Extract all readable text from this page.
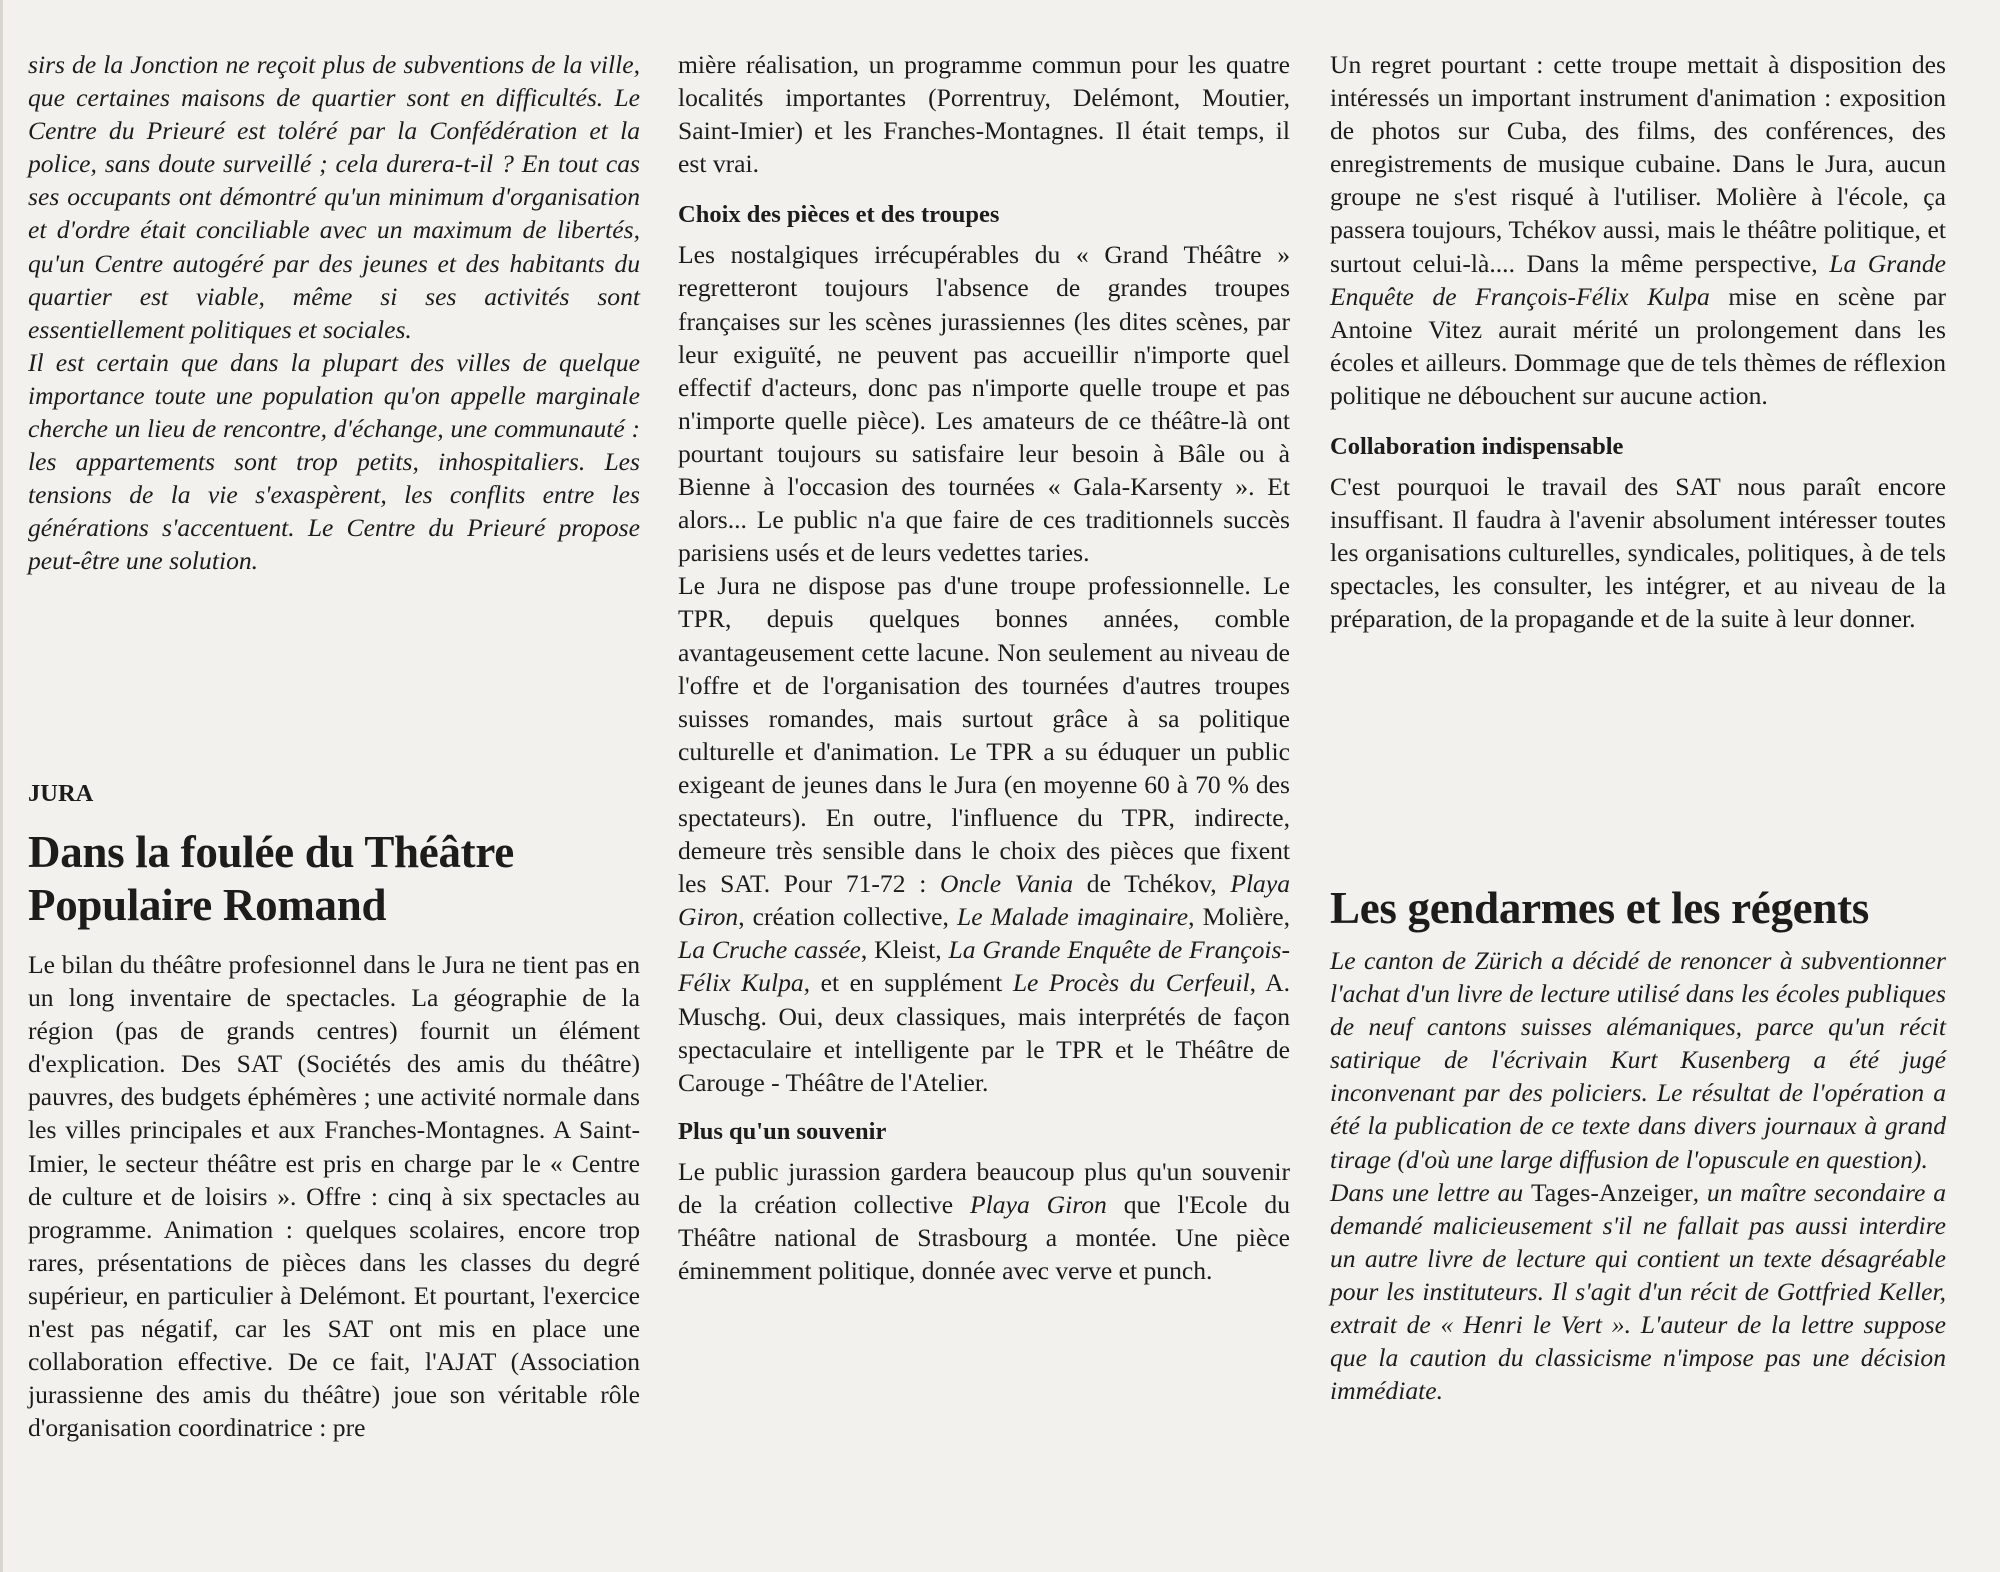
sirs de la Jonction ne reçoit plus de subventions de la ville, que certaines maisons de quartier sont en difficultés. Le Centre du Prieuré est toléré par la Confédération et la police, sans doute surveillé ; cela durera-t-il ? En tout cas ses occupants ont démontré qu'un minimum d'organisation et d'ordre était conciliable avec un maximum de libertés, qu'un Centre autogéré par des jeunes et des habitants du quartier est viable, même si ses activités sont essentiellement politiques et sociales.

Il est certain que dans la plupart des villes de quelque importance toute une population qu'on appelle marginale cherche un lieu de rencontre, d'échange, une communauté : les appartements sont trop petits, inhospitaliers. Les tensions de la vie s'exaspèrent, les conflits entre les générations s'accentuent. Le Centre du Prieuré propose peut-être une solution.

JURA
Dans la foulée du Théâtre Populaire Romand

Le bilan du théâtre profesionnel dans le Jura ne tient pas en un long inventaire de spectacles. La géographie de la région (pas de grands centres) fournit un élément d'explication. Des SAT (Sociétés des amis du théâtre) pauvres, des budgets éphémères ; une activité normale dans les villes principales et aux Franches-Montagnes. A Saint-Imier, le secteur théâtre est pris en charge par le « Centre de culture et de loisirs ». Offre : cinq à six spectacles au programme. Animation : quelques scolaires, encore trop rares, présentations de pièces dans les classes du degré supérieur, en particulier à Delémont. Et pourtant, l'exercice n'est pas négatif, car les SAT ont mis en place une collaboration effective. De ce fait, l'AJAT (Association jurassienne des amis du théâtre) joue son véritable rôle d'organisation coordinatrice : pre

mière réalisation, un programme commun pour les quatre localités importantes (Porrentruy, Delémont, Moutier, Saint-Imier) et les Franches-Montagnes. Il était temps, il est vrai.

Choix des pièces et des troupes

Les nostalgiques irrécupérables du « Grand Théâtre » regretteront toujours l'absence de grandes troupes françaises sur les scènes jurassiennes (les dites scènes, par leur exiguïté, ne peuvent pas accueillir n'importe quel effectif d'acteurs, donc pas n'importe quelle troupe et pas n'importe quelle pièce). Les amateurs de ce théâtre-là ont pourtant toujours su satisfaire leur besoin à Bâle ou à Bienne à l'occasion des tournées « Gala-Karsenty ». Et alors... Le public n'a que faire de ces traditionnels succès parisiens usés et de leurs vedettes taries.

Le Jura ne dispose pas d'une troupe professionnelle. Le TPR, depuis quelques bonnes années, comble avantageusement cette lacune. Non seulement au niveau de l'offre et de l'organisation des tournées d'autres troupes suisses romandes, mais surtout grâce à sa politique culturelle et d'animation. Le TPR a su éduquer un public exigeant de jeunes dans le Jura (en moyenne 60 à 70 % des spectateurs). En outre, l'influence du TPR, indirecte, demeure très sensible dans le choix des pièces que fixent les SAT. Pour 71-72 : Oncle Vania de Tchékov, Playa Giron, création collective, Le Malade imaginaire, Molière, La Cruche cassée, Kleist, La Grande Enquête de François-Félix Kulpa, et en supplément Le Procès du Cerfeuil, A. Muschg. Oui, deux classiques, mais interprétés de façon spectaculaire et intelligente par le TPR et le Théâtre de Carouge - Théâtre de l'Atelier.

Plus qu'un souvenir

Le public jurassion gardera beaucoup plus qu'un souvenir de la création collective Playa Giron que l'Ecole du Théâtre national de Strasbourg a montée. Une pièce éminemment politique, donnée avec verve et punch.

Un regret pourtant : cette troupe mettait à disposition des intéressés un important instrument d'animation : exposition de photos sur Cuba, des films, des conférences, des enregistrements de musique cubaine. Dans le Jura, aucun groupe ne s'est risqué à l'utiliser. Molière à l'école, ça passera toujours, Tchékov aussi, mais le théâtre politique, et surtout celui-là.... Dans la même perspective, La Grande Enquête de François-Félix Kulpa mise en scène par Antoine Vitez aurait mérité un prolongement dans les écoles et ailleurs. Dommage que de tels thèmes de réflexion politique ne débouchent sur aucune action.

Collaboration indispensable

C'est pourquoi le travail des SAT nous paraît encore insuffisant. Il faudra à l'avenir absolument intéresser toutes les organisations culturelles, syndicales, politiques, à de tels spectacles, les consulter, les intégrer, et au niveau de la préparation, de la propagande et de la suite à leur donner.

Les gendarmes et les régents

Le canton de Zürich a décidé de renoncer à subventionner l'achat d'un livre de lecture utilisé dans les écoles publiques de neuf cantons suisses alémaniques, parce qu'un récit satirique de l'écrivain Kurt Kusenberg a été jugé inconvenant par des policiers. Le résultat de l'opération a été la publication de ce texte dans divers journaux à grand tirage (d'où une large diffusion de l'opuscule en question).

Dans une lettre au Tages-Anzeiger, un maître secondaire a demandé malicieusement s'il ne fallait pas aussi interdire un autre livre de lecture qui contient un texte désagréable pour les instituteurs. Il s'agit d'un récit de Gottfried Keller, extrait de « Henri le Vert ». L'auteur de la lettre suppose que la caution du classicisme n'impose pas une décision immédiate.
